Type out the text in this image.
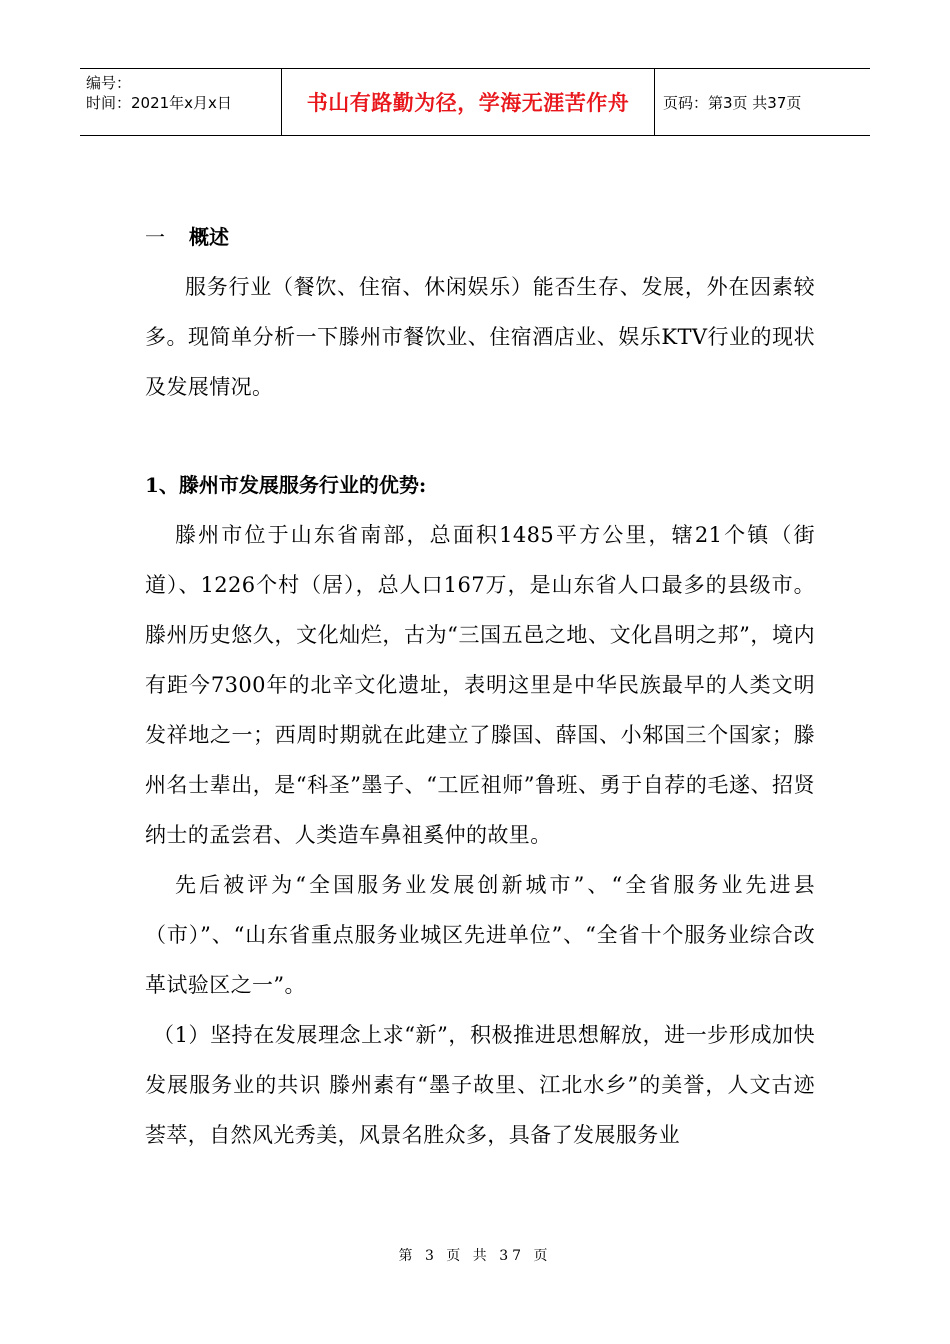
编号：
时间：2021年x月x日	书山有路勤为径，学海无涯苦作舟 页码：第3页 共37页

一 概述

服务行业（餐饮、住宿、休闲娱乐）能否生存、发展，外在因素较多。现简单分析一下滕州市餐饮业、住宿酒店业、娱乐KTV行业的现状及发展情况。

1、滕州市发展服务行业的优势:

滕州市位于山东省南部，总面积1485平方公里，辖21个镇（街道）、1226个村（居），总人口167万，是山东省人口最多的县级市。滕州历史悠久，文化灿烂，古为“三国五邑之地、文化昌明之邦”，境内有距今7300年的北辛文化遗址，表明这里是中华民族最早的人类文明发祥地之一；西周时期就在此建立了滕国、薛国、小邾国三个国家；滕州名士辈出，是“科圣”墨子、“工匠祖师”鲁班、勇于自荐的毛遂、招贤纳士的孟尝君、人类造车鼻祖奚仲的故里。

先后被评为“全国服务业发展创新城市”、“全省服务业先进县（市）”、“山东省重点服务业城区先进单位”、“全省十个服务业综合改革试验区之一”。

（1）坚持在发展理念上求“新”，积极推进思想解放，进一步形成加快发展服务业的共识 滕州素有“墨子故里、江北水乡”的美誉，人文古迹荟萃，自然风光秀美，风景名胜众多，具备了发展服务业

第 3 页 共 37 页
